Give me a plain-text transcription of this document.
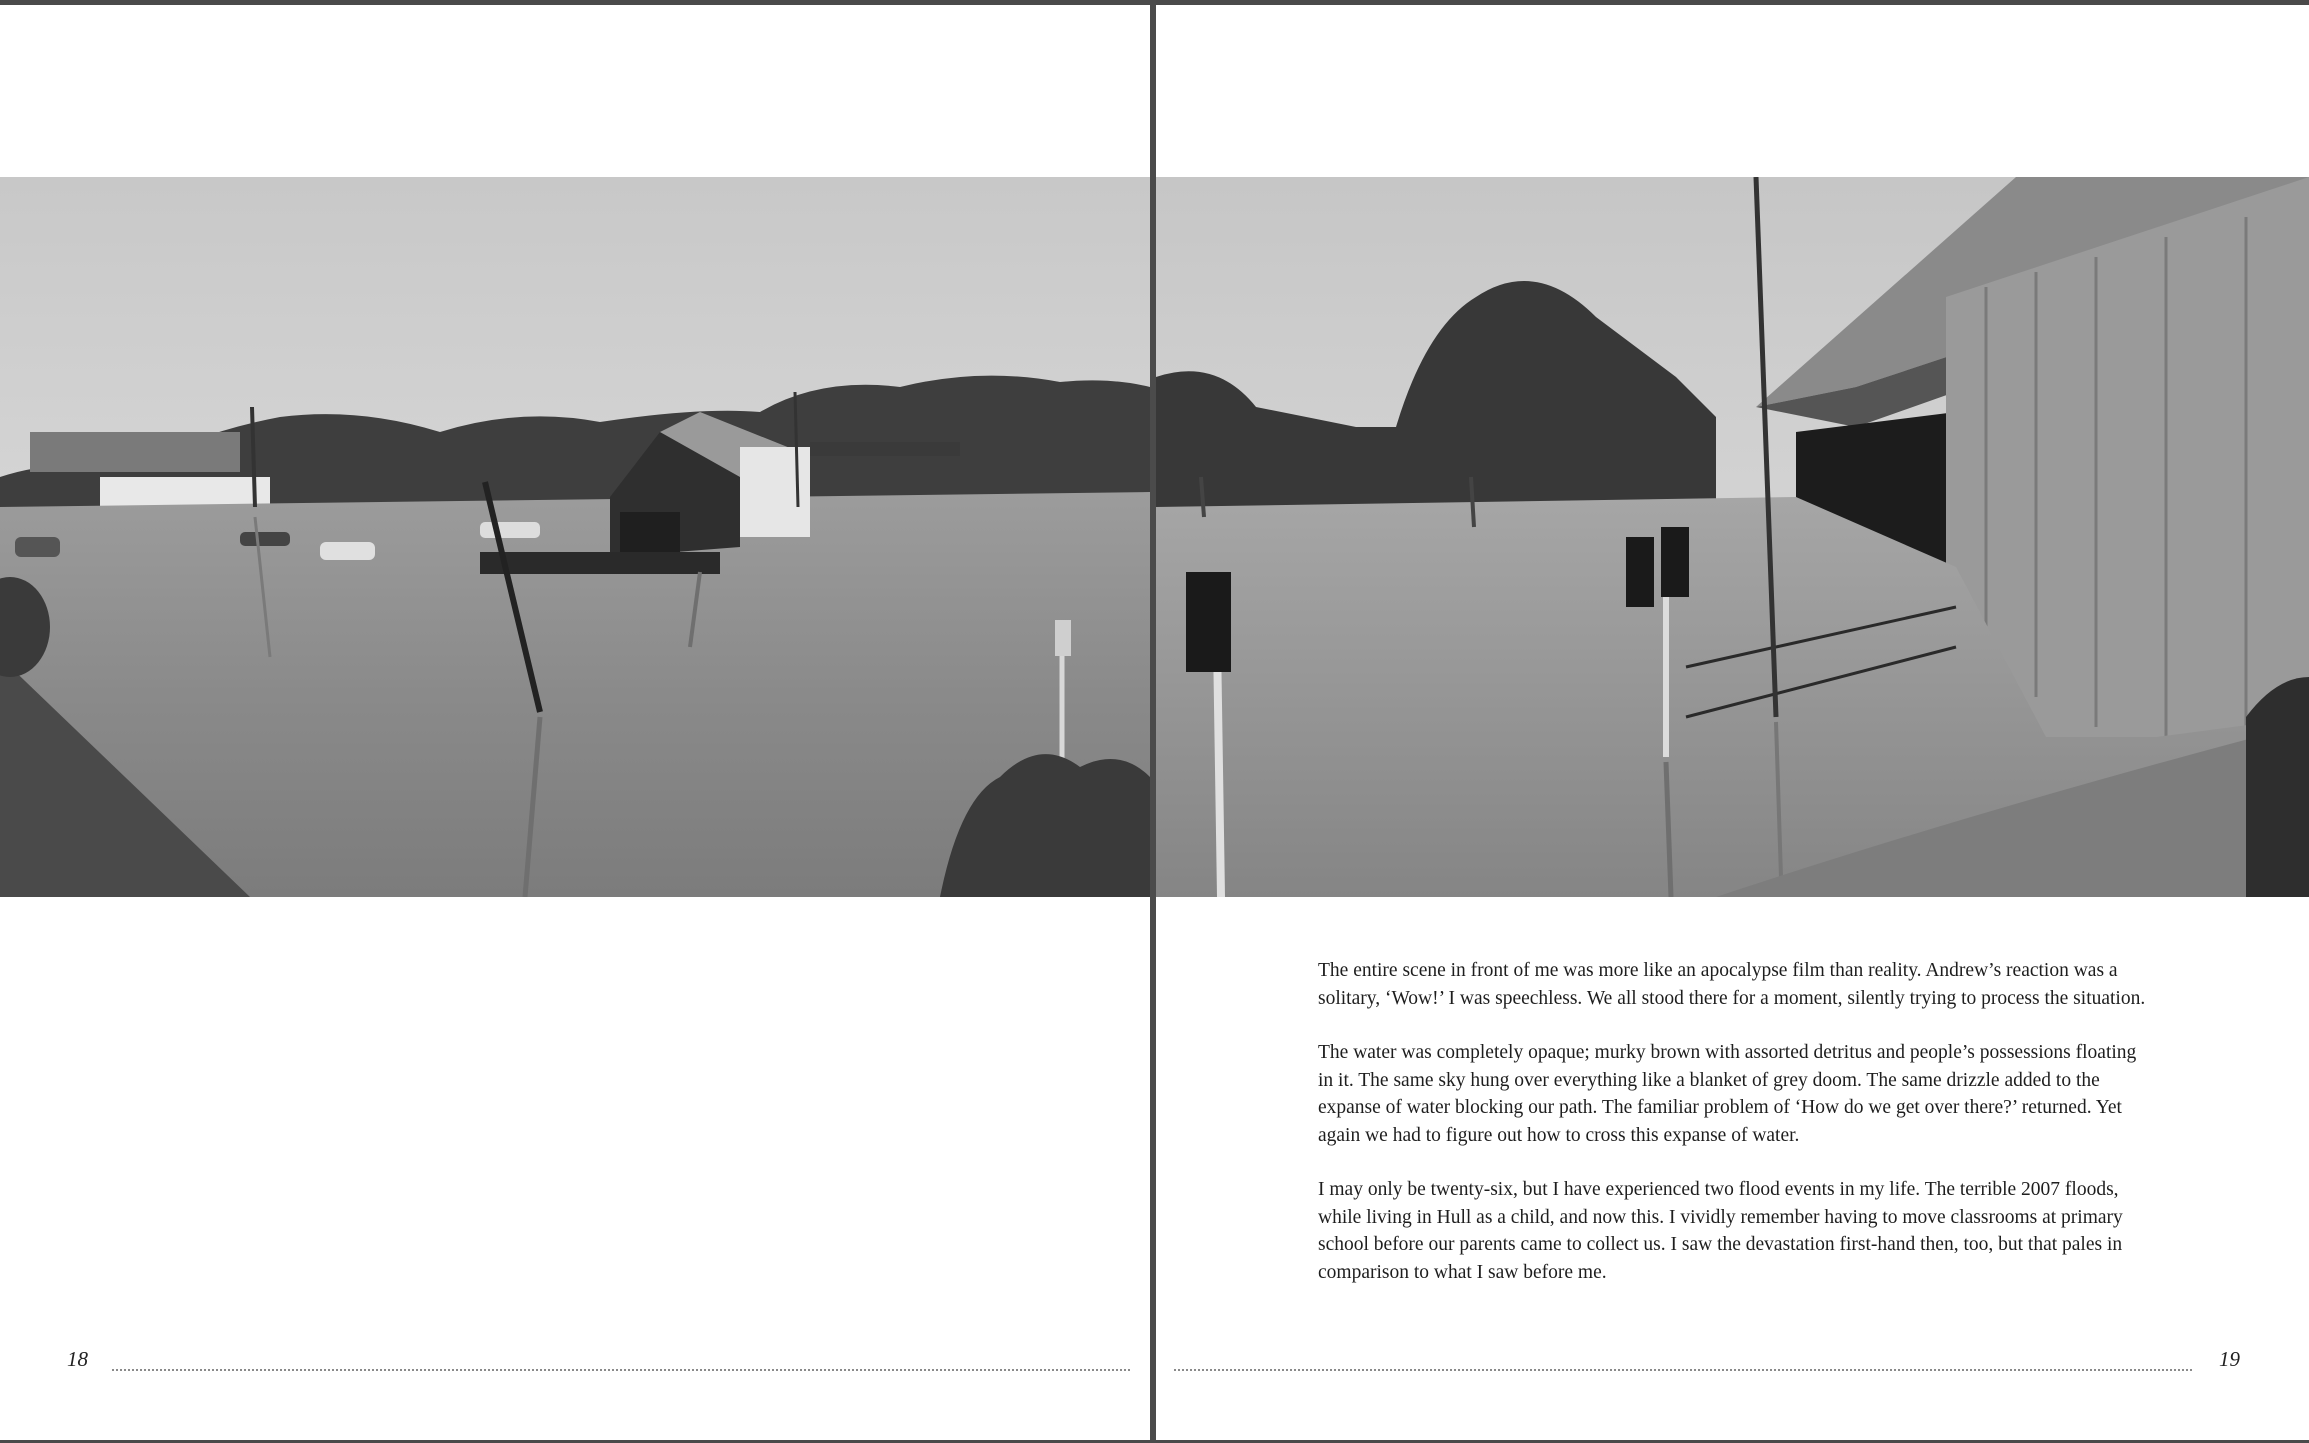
18

The entire scene in front of me was more like an apocalypse film than reality. Andrew’s reaction was a solitary, ‘Wow!’ I was speechless. We all stood there for a moment, silently trying to process the situation.

The water was completely opaque; murky brown with assorted detritus and people’s possessions floating in it. The same sky hung over everything like a blanket of grey doom. The same drizzle added to the expanse of water blocking our path. The familiar problem of ‘How do we get over there?’ returned. Yet again we had to figure out how to cross this expanse of water.

I may only be twenty-six, but I have experienced two flood events in my life. The terrible 2007 floods, while living in Hull as a child, and now this. I vividly remember having to move classrooms at primary school before our parents came to collect us. I saw the devastation first-hand then, too, but that pales in comparison to what I saw before me.

19
